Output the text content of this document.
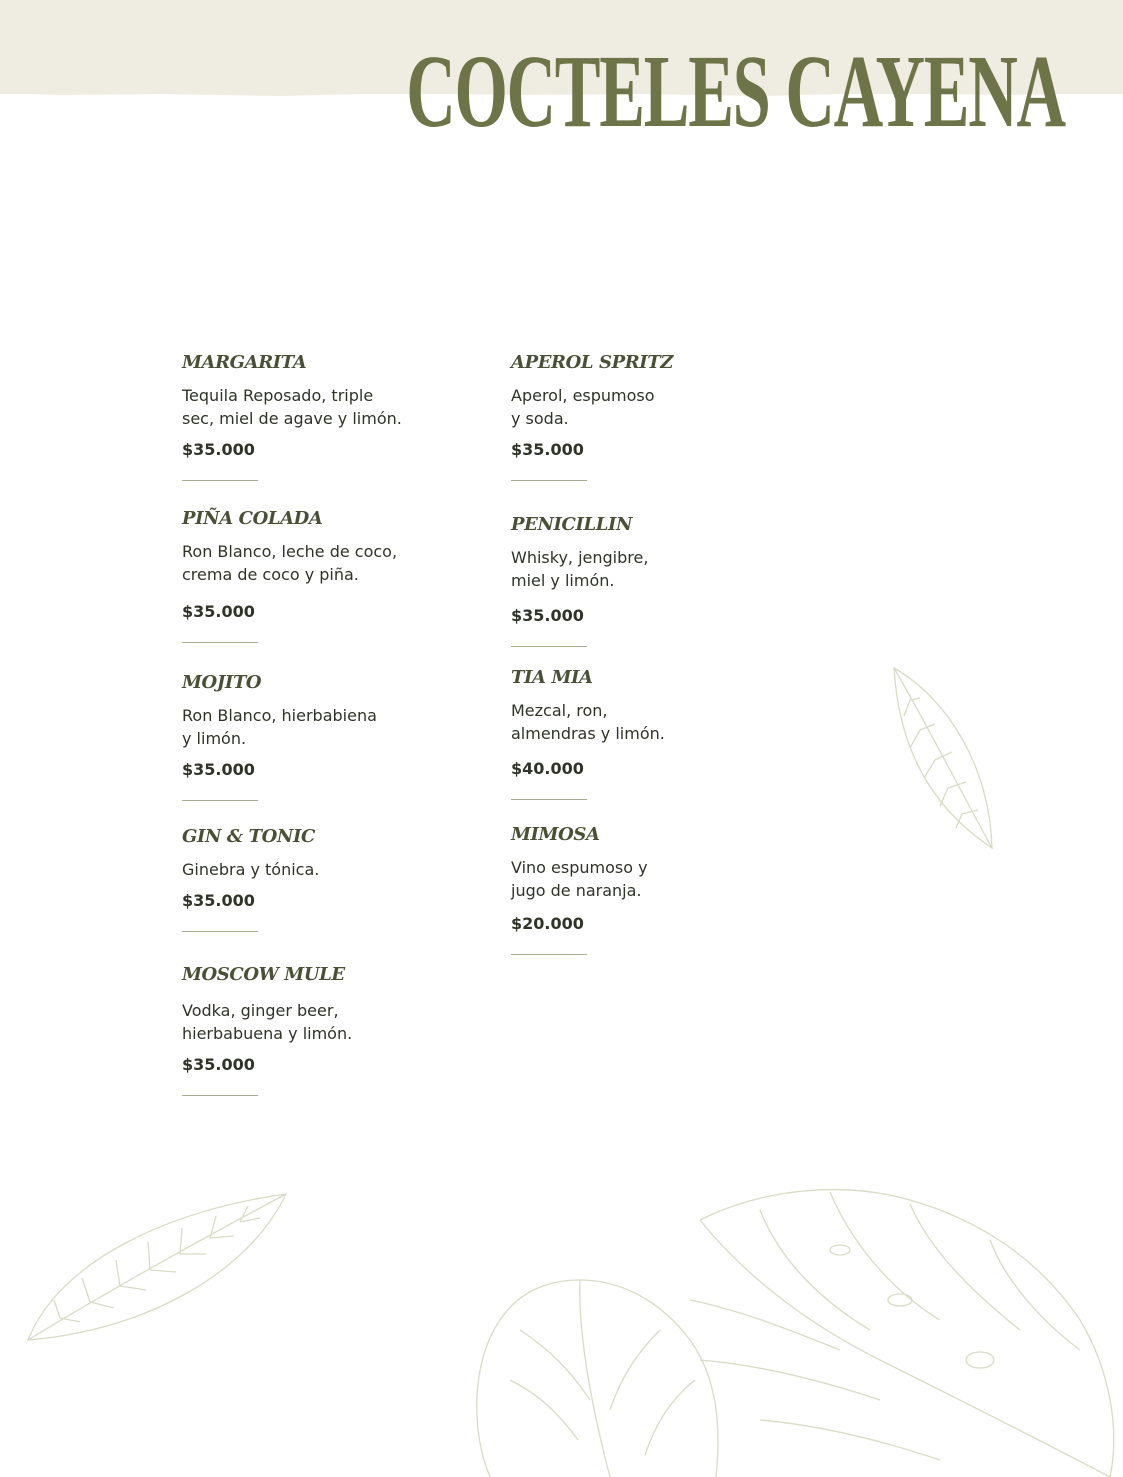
COCTELES CAYENA

MARGARITA

Tequila Reposado, triple
sec, miel de agave y limón.

$35.000

PIÑA COLADA

Ron Blanco, leche de coco,
crema de coco y piña.

$35.000

MOJITO

Ron Blanco, hierbabiena
y limón.

$35.000

GIN & TONIC

Ginebra y tónica.

$35.000

MOSCOW MULE

Vodka, ginger beer,
hierbabuena y limón.

$35.000

APEROL SPRITZ

Aperol, espumoso
y soda.

$35.000

PENICILLIN

Whisky, jengibre,
miel y limón.

$35.000

TIA MIA

Mezcal, ron,
almendras y limón.

$40.000

MIMOSA

Vino espumoso y
jugo de naranja.

$20.000
